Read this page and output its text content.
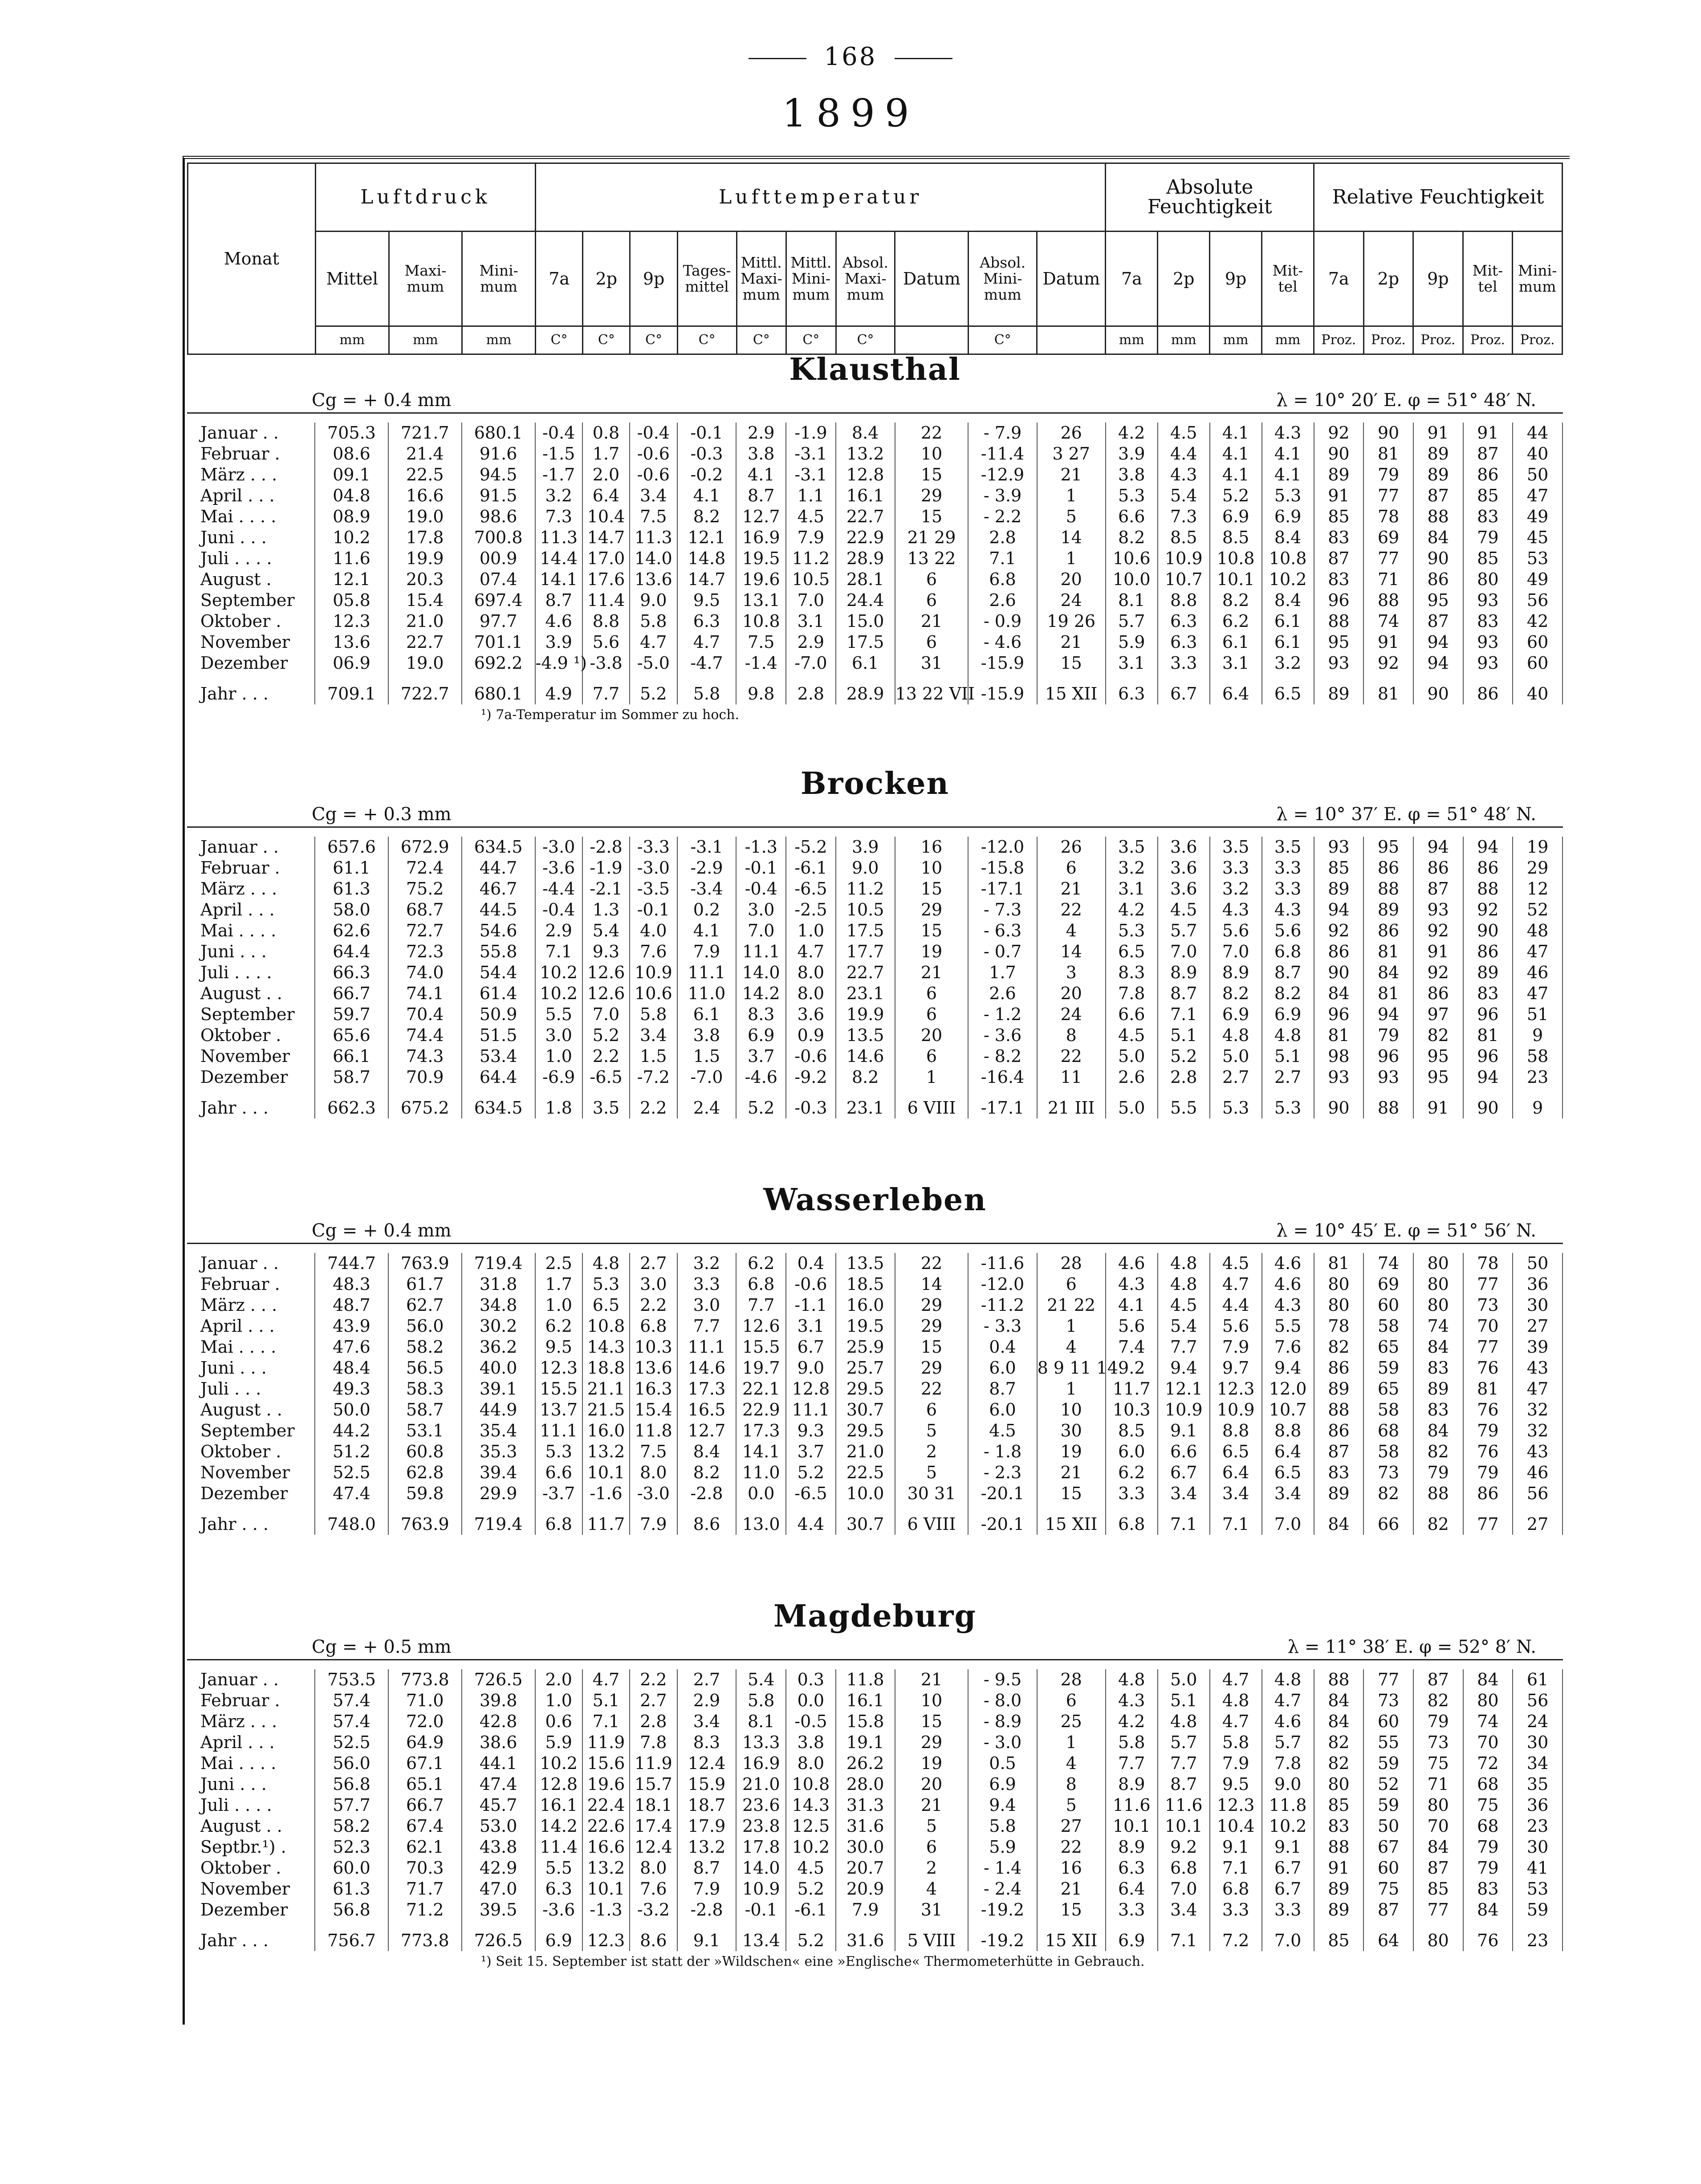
168
1899
Monat	Luftdruck			Lufttemperatur										Absolute Feuchtigkeit				Relative Feuchtigkeit				
	Mittel	Maxi- mum	Mini- mum	7a	2p	9p	Tages- mittel	Mittl. Maxi- mum	Mittl. Mini- mum	Absol. Maxi- mum	Datum	Absol. Mini- mum	Datum	7a	2p	9p	Mit- tel	7a	2p	9p	Mit- tel	Mini- mum
	mm	mm	mm	C°	C°	C°	C°	C°	C°	C°		C°		mm	mm	mm	mm	Proz.	Proz.	Proz.	Proz.	Proz.
Klausthal
Cg = + 0.4 mm	λ = 10° 20′ E. φ = 51° 48′ N.
Januar . .	705.3	721.7	680.1	-0.4	0.8	-0.4	-0.1	2.9	-1.9	8.4	22	- 7.9	26	4.2	4.5	4.1	4.3	92	90	91	91	44
Februar .	08.6	21.4	91.6	-1.5	1.7	-0.6	-0.3	3.8	-3.1	13.2	10	-11.4	3 27	3.9	4.4	4.1	4.1	90	81	89	87	40
März . . .	09.1	22.5	94.5	-1.7	2.0	-0.6	-0.2	4.1	-3.1	12.8	15	-12.9	21	3.8	4.3	4.1	4.1	89	79	89	86	50
April . . .	04.8	16.6	91.5	3.2	6.4	3.4	4.1	8.7	1.1	16.1	29	- 3.9	1	5.3	5.4	5.2	5.3	91	77	87	85	47
Mai . . . .	08.9	19.0	98.6	7.3	10.4	7.5	8.2	12.7	4.5	22.7	15	- 2.2	5	6.6	7.3	6.9	6.9	85	78	88	83	49
Juni . . .	10.2	17.8	700.8	11.3	14.7	11.3	12.1	16.9	7.9	22.9	21 29	2.8	14	8.2	8.5	8.5	8.4	83	69	84	79	45
Juli . . . .	11.6	19.9	00.9	14.4	17.0	14.0	14.8	19.5	11.2	28.9	13 22	7.1	1	10.6	10.9	10.8	10.8	87	77	90	85	53
August .	12.1	20.3	07.4	14.1	17.6	13.6	14.7	19.6	10.5	28.1	6	6.8	20	10.0	10.7	10.1	10.2	83	71	86	80	49
September	05.8	15.4	697.4	8.7	11.4	9.0	9.5	13.1	7.0	24.4	6	2.6	24	8.1	8.8	8.2	8.4	96	88	95	93	56
Oktober .	12.3	21.0	97.7	4.6	8.8	5.8	6.3	10.8	3.1	15.0	21	- 0.9	19 26	5.7	6.3	6.2	6.1	88	74	87	83	42
November	13.6	22.7	701.1	3.9	5.6	4.7	4.7	7.5	2.9	17.5	6	- 4.6	21	5.9	6.3	6.1	6.1	95	91	94	93	60
Dezember	06.9	19.0	692.2	-4.9 ¹)	-3.8	-5.0	-4.7	-1.4	-7.0	6.1	31	-15.9	15	3.1	3.3	3.1	3.2	93	92	94	93	60
Jahr . . .	709.1	722.7	680.1	4.9	7.7	5.2	5.8	9.8	2.8	28.9	13 22 VII	-15.9	15 XII	6.3	6.7	6.4	6.5	89	81	90	86	40
¹) 7a-Temperatur im Sommer zu hoch.
Brocken
Cg = + 0.3 mm	λ = 10° 37′ E. φ = 51° 48′ N.
Januar . .	657.6	672.9	634.5	-3.0	-2.8	-3.3	-3.1	-1.3	-5.2	3.9	16	-12.0	26	3.5	3.6	3.5	3.5	93	95	94	94	19
Februar .	61.1	72.4	44.7	-3.6	-1.9	-3.0	-2.9	-0.1	-6.1	9.0	10	-15.8	6	3.2	3.6	3.3	3.3	85	86	86	86	29
März . . .	61.3	75.2	46.7	-4.4	-2.1	-3.5	-3.4	-0.4	-6.5	11.2	15	-17.1	21	3.1	3.6	3.2	3.3	89	88	87	88	12
April . . .	58.0	68.7	44.5	-0.4	1.3	-0.1	0.2	3.0	-2.5	10.5	29	- 7.3	22	4.2	4.5	4.3	4.3	94	89	93	92	52
Mai . . . .	62.6	72.7	54.6	2.9	5.4	4.0	4.1	7.0	1.0	17.5	15	- 6.3	4	5.3	5.7	5.6	5.6	92	86	92	90	48
Juni . . .	64.4	72.3	55.8	7.1	9.3	7.6	7.9	11.1	4.7	17.7	19	- 0.7	14	6.5	7.0	7.0	6.8	86	81	91	86	47
Juli . . . .	66.3	74.0	54.4	10.2	12.6	10.9	11.1	14.0	8.0	22.7	21	1.7	3	8.3	8.9	8.9	8.7	90	84	92	89	46
August . .	66.7	74.1	61.4	10.2	12.6	10.6	11.0	14.2	8.0	23.1	6	2.6	20	7.8	8.7	8.2	8.2	84	81	86	83	47
September	59.7	70.4	50.9	5.5	7.0	5.8	6.1	8.3	3.6	19.9	6	- 1.2	24	6.6	7.1	6.9	6.9	96	94	97	96	51
Oktober .	65.6	74.4	51.5	3.0	5.2	3.4	3.8	6.9	0.9	13.5	20	- 3.6	8	4.5	5.1	4.8	4.8	81	79	82	81	9
November	66.1	74.3	53.4	1.0	2.2	1.5	1.5	3.7	-0.6	14.6	6	- 8.2	22	5.0	5.2	5.0	5.1	98	96	95	96	58
Dezember	58.7	70.9	64.4	-6.9	-6.5	-7.2	-7.0	-4.6	-9.2	8.2	1	-16.4	11	2.6	2.8	2.7	2.7	93	93	95	94	23
Jahr . . .	662.3	675.2	634.5	1.8	3.5	2.2	2.4	5.2	-0.3	23.1	6 VIII	-17.1	21 III	5.0	5.5	5.3	5.3	90	88	91	90	9
Wasserleben
Cg = + 0.4 mm	λ = 10° 45′ E. φ = 51° 56′ N.
Januar . .	744.7	763.9	719.4	2.5	4.8	2.7	3.2	6.2	0.4	13.5	22	-11.6	28	4.6	4.8	4.5	4.6	81	74	80	78	50
Februar .	48.3	61.7	31.8	1.7	5.3	3.0	3.3	6.8	-0.6	18.5	14	-12.0	6	4.3	4.8	4.7	4.6	80	69	80	77	36
März . . .	48.7	62.7	34.8	1.0	6.5	2.2	3.0	7.7	-1.1	16.0	29	-11.2	21 22	4.1	4.5	4.4	4.3	80	60	80	73	30
April . . .	43.9	56.0	30.2	6.2	10.8	6.8	7.7	12.6	3.1	19.5	29	- 3.3	1	5.6	5.4	5.6	5.5	78	58	74	70	27
Mai . . . .	47.6	58.2	36.2	9.5	14.3	10.3	11.1	15.5	6.7	25.9	15	0.4	4	7.4	7.7	7.9	7.6	82	65	84	77	39
Juni . . .	48.4	56.5	40.0	12.3	18.8	13.6	14.6	19.7	9.0	25.7	29	6.0	8 9 11 14	9.2	9.4	9.7	9.4	86	59	83	76	43
Juli . . .	49.3	58.3	39.1	15.5	21.1	16.3	17.3	22.1	12.8	29.5	22	8.7	1	11.7	12.1	12.3	12.0	89	65	89	81	47
August . .	50.0	58.7	44.9	13.7	21.5	15.4	16.5	22.9	11.1	30.7	6	6.0	10	10.3	10.9	10.9	10.7	88	58	83	76	32
September	44.2	53.1	35.4	11.1	16.0	11.8	12.7	17.3	9.3	29.5	5	4.5	30	8.5	9.1	8.8	8.8	86	68	84	79	32
Oktober .	51.2	60.8	35.3	5.3	13.2	7.5	8.4	14.1	3.7	21.0	2	- 1.8	19	6.0	6.6	6.5	6.4	87	58	82	76	43
November	52.5	62.8	39.4	6.6	10.1	8.0	8.2	11.0	5.2	22.5	5	- 2.3	21	6.2	6.7	6.4	6.5	83	73	79	79	46
Dezember	47.4	59.8	29.9	-3.7	-1.6	-3.0	-2.8	0.0	-6.5	10.0	30 31	-20.1	15	3.3	3.4	3.4	3.4	89	82	88	86	56
Jahr . . .	748.0	763.9	719.4	6.8	11.7	7.9	8.6	13.0	4.4	30.7	6 VIII	-20.1	15 XII	6.8	7.1	7.1	7.0	84	66	82	77	27
Magdeburg
Cg = + 0.5 mm	λ = 11° 38′ E. φ = 52° 8′ N.
Januar . .	753.5	773.8	726.5	2.0	4.7	2.2	2.7	5.4	0.3	11.8	21	- 9.5	28	4.8	5.0	4.7	4.8	88	77	87	84	61
Februar .	57.4	71.0	39.8	1.0	5.1	2.7	2.9	5.8	0.0	16.1	10	- 8.0	6	4.3	5.1	4.8	4.7	84	73	82	80	56
März . . .	57.4	72.0	42.8	0.6	7.1	2.8	3.4	8.1	-0.5	15.8	15	- 8.9	25	4.2	4.8	4.7	4.6	84	60	79	74	24
April . . .	52.5	64.9	38.6	5.9	11.9	7.8	8.3	13.3	3.8	19.1	29	- 3.0	1	5.8	5.7	5.8	5.7	82	55	73	70	30
Mai . . . .	56.0	67.1	44.1	10.2	15.6	11.9	12.4	16.9	8.0	26.2	19	0.5	4	7.7	7.7	7.9	7.8	82	59	75	72	34
Juni . . .	56.8	65.1	47.4	12.8	19.6	15.7	15.9	21.0	10.8	28.0	20	6.9	8	8.9	8.7	9.5	9.0	80	52	71	68	35
Juli . . . .	57.7	66.7	45.7	16.1	22.4	18.1	18.7	23.6	14.3	31.3	21	9.4	5	11.6	11.6	12.3	11.8	85	59	80	75	36
August . .	58.2	67.4	53.0	14.2	22.6	17.4	17.9	23.8	12.5	31.6	5	5.8	27	10.1	10.1	10.4	10.2	83	50	70	68	23
Septbr.¹) .	52.3	62.1	43.8	11.4	16.6	12.4	13.2	17.8	10.2	30.0	6	5.9	22	8.9	9.2	9.1	9.1	88	67	84	79	30
Oktober .	60.0	70.3	42.9	5.5	13.2	8.0	8.7	14.0	4.5	20.7	2	- 1.4	16	6.3	6.8	7.1	6.7	91	60	87	79	41
November	61.3	71.7	47.0	6.3	10.1	7.6	7.9	10.9	5.2	20.9	4	- 2.4	21	6.4	7.0	6.8	6.7	89	75	85	83	53
Dezember	56.8	71.2	39.5	-3.6	-1.3	-3.2	-2.8	-0.1	-6.1	7.9	31	-19.2	15	3.3	3.4	3.3	3.3	89	87	77	84	59
Jahr . . .	756.7	773.8	726.5	6.9	12.3	8.6	9.1	13.4	5.2	31.6	5 VIII	-19.2	15 XII	6.9	7.1	7.2	7.0	85	64	80	76	23
¹) Seit 15. September ist statt der »Wildschen« eine »Englische« Thermometerhütte in Gebrauch.
